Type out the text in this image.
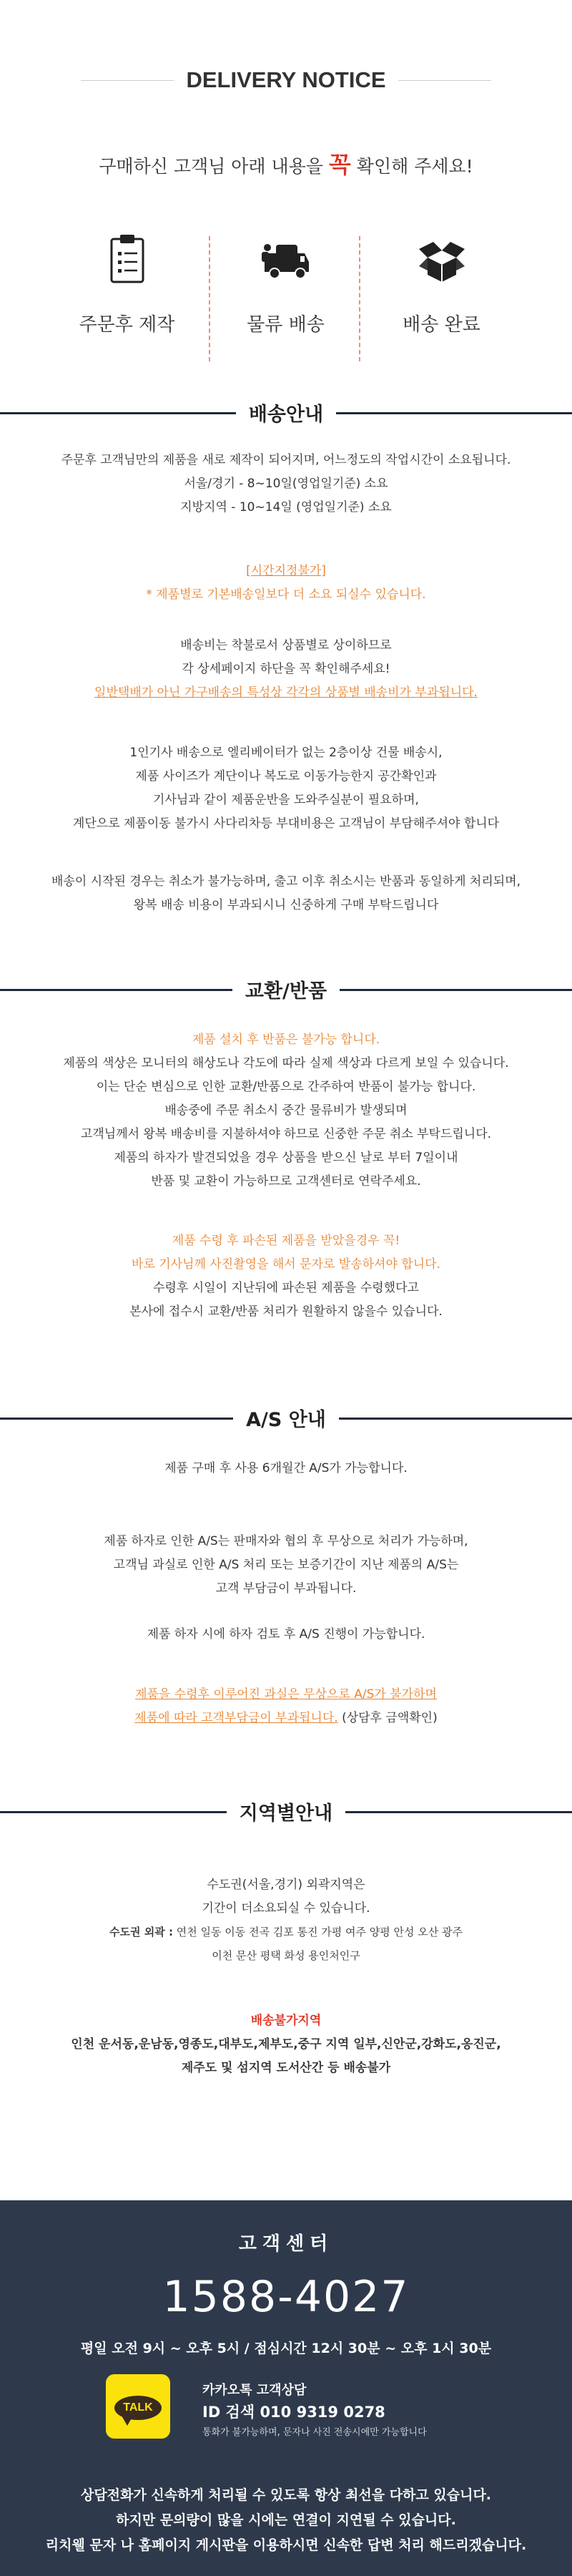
DELIVERY NOTICE
구매하신 고객님 아래 내용을 꼭 확인해 주세요!
주문후 제작	물류 배송	배송 완료
배송안내
주문후 고객님만의 제품을 새로 제작이 되어지며, 어느정도의 작업시간이 소요됩니다.
서울/경기 - 8~10일(영업일기준) 소요
지방지역 - 10~14일 (영업일기준) 소요
[시간지정불가]
* 제품별로 기본배송일보다 더 소요 되실수 있습니다.
배송비는 착불로서 상품별로 상이하므로
각 상세페이지 하단을 꼭 확인해주세요!
일반택배가 아닌 가구배송의 특성상 각각의 상품별 배송비가 부과됩니다.
1인기사 배송으로 엘리베이터가 없는 2층이상 건물 배송시,
제품 사이즈가 계단이나 복도로 이동가능한지 공간확인과
기사님과 같이 제품운반을 도와주실분이 필요하며,
계단으로 제품이동 불가시 사다리차등 부대비용은 고객님이 부담해주셔야 합니다
배송이 시작된 경우는 취소가 불가능하며, 출고 이후 취소시는 반품과 동일하게 처리되며,
왕복 배송 비용이 부과되시니 신중하게 구매 부탁드립니다
교환/반품
제품 설치 후 반품은 불가능 합니다.
제품의 색상은 모니터의 해상도나 각도에 따라 실제 색상과 다르게 보일 수 있습니다.
이는 단순 변심으로 인한 교환/반품으로 간주하여 반품이 불가능 합니다.
배송중에 주문 취소시 중간 물류비가 발생되며
고객님께서 왕복 배송비를 지불하셔야 하므로 신중한 주문 취소 부탁드립니다.
제품의 하자가 발견되었을 경우 상품을 받으신 날로 부터 7일이내
반품 및 교환이 가능하므로 고객센터로 연락주세요.
제품 수령 후 파손된 제품을 받았을경우 꼭!
바로 기사님께 사진촬영을 해서 문자로 발송하셔야 합니다.
수령후 시일이 지난뒤에 파손된 제품을 수령했다고
본사에 접수시 교환/반품 처리가 원활하지 않을수 있습니다.
A/S 안내
제품 구매 후 사용 6개월간 A/S가 가능합니다.
제품 하자로 인한 A/S는 판매자와 협의 후 무상으로 처리가 가능하며,
고객님 과실로 인한 A/S 처리 또는 보증기간이 지난 제품의 A/S는
고객 부담금이 부과됩니다.
제품 하자 시에 하자 검토 후 A/S 진행이 가능합니다.
제품을 수령후 이루어진 과실은 무상으로 A/S가 불가하며
제품에 따라 고객부담금이 부과됩니다. (상담후 금액확인)
지역별안내
수도권(서울,경기) 외곽지역은
기간이 더소요되실 수 있습니다.
수도권 외곽 : 연천 일동 이동 전곡 김포 통진 가평 여주 양평 안성 오산 광주
이천 문산 평택 화성 용인처인구
배송불가지역
인천 운서동,운남동,영종도,대부도,제부도,중구 지역 일부,신안군,강화도,옹진군,
제주도 및 섬지역 도서산간 등 배송불가
고객센터
1588-4027
평일 오전 9시 ~ 오후 5시 / 점심시간 12시 30분 ~ 오후 1시 30분
TALK
카카오톡 고객상담
ID 검색 010 9319 0278
통화가 불가능하며, 문자나 사진 전송시에만 가능합니다
상담전화가 신속하게 처리될 수 있도록 항상 최선을 다하고 있습니다.
하지만 문의량이 많을 시에는 연결이 지연될 수 있습니다.
리치웰 문자 나 홈페이지 게시판을 이용하시면 신속한 답변 처리 해드리겠습니다.
